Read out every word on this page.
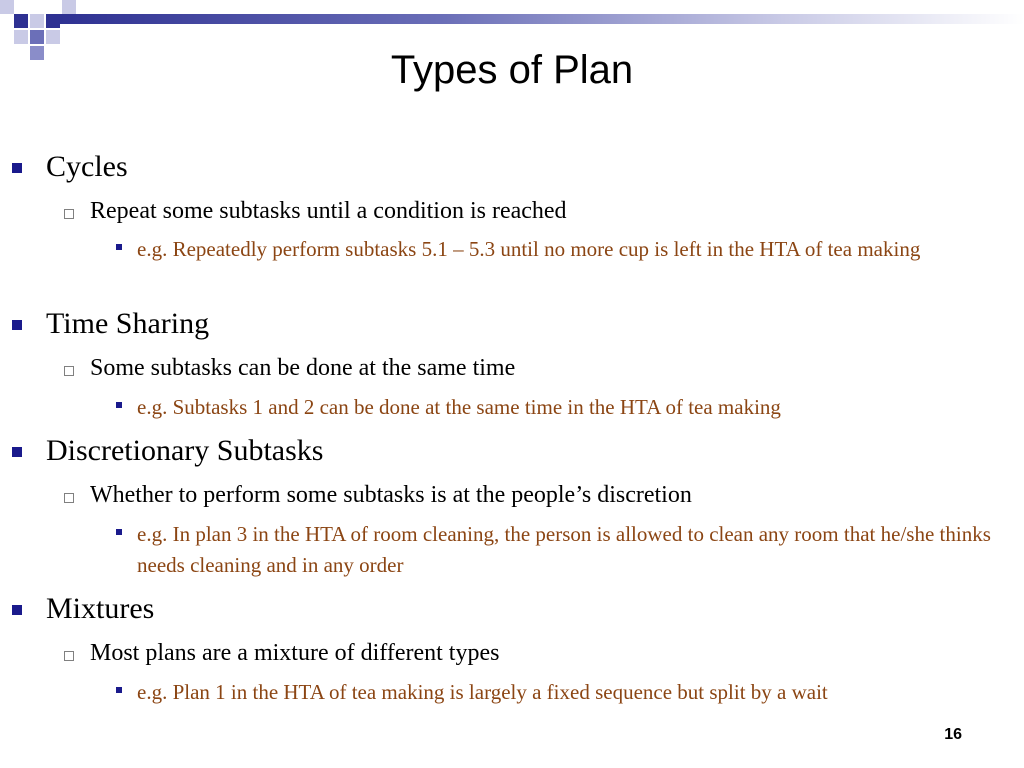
Types of Plan
Cycles
Repeat some subtasks until a condition is reached
e.g. Repeatedly perform subtasks 5.1 – 5.3 until no more cup is left in the HTA of tea making
Time Sharing
Some subtasks can be done at the same time
e.g. Subtasks 1 and 2 can be done at the same time in the HTA of tea making
Discretionary Subtasks
Whether to perform some subtasks is at the people’s discretion
e.g. In plan 3 in the HTA of room cleaning, the person is allowed to clean any room that he/she thinks needs cleaning and in any order
Mixtures
Most plans are a mixture of different types
e.g. Plan 1 in the HTA of tea making is largely a fixed sequence but split by a wait
16
